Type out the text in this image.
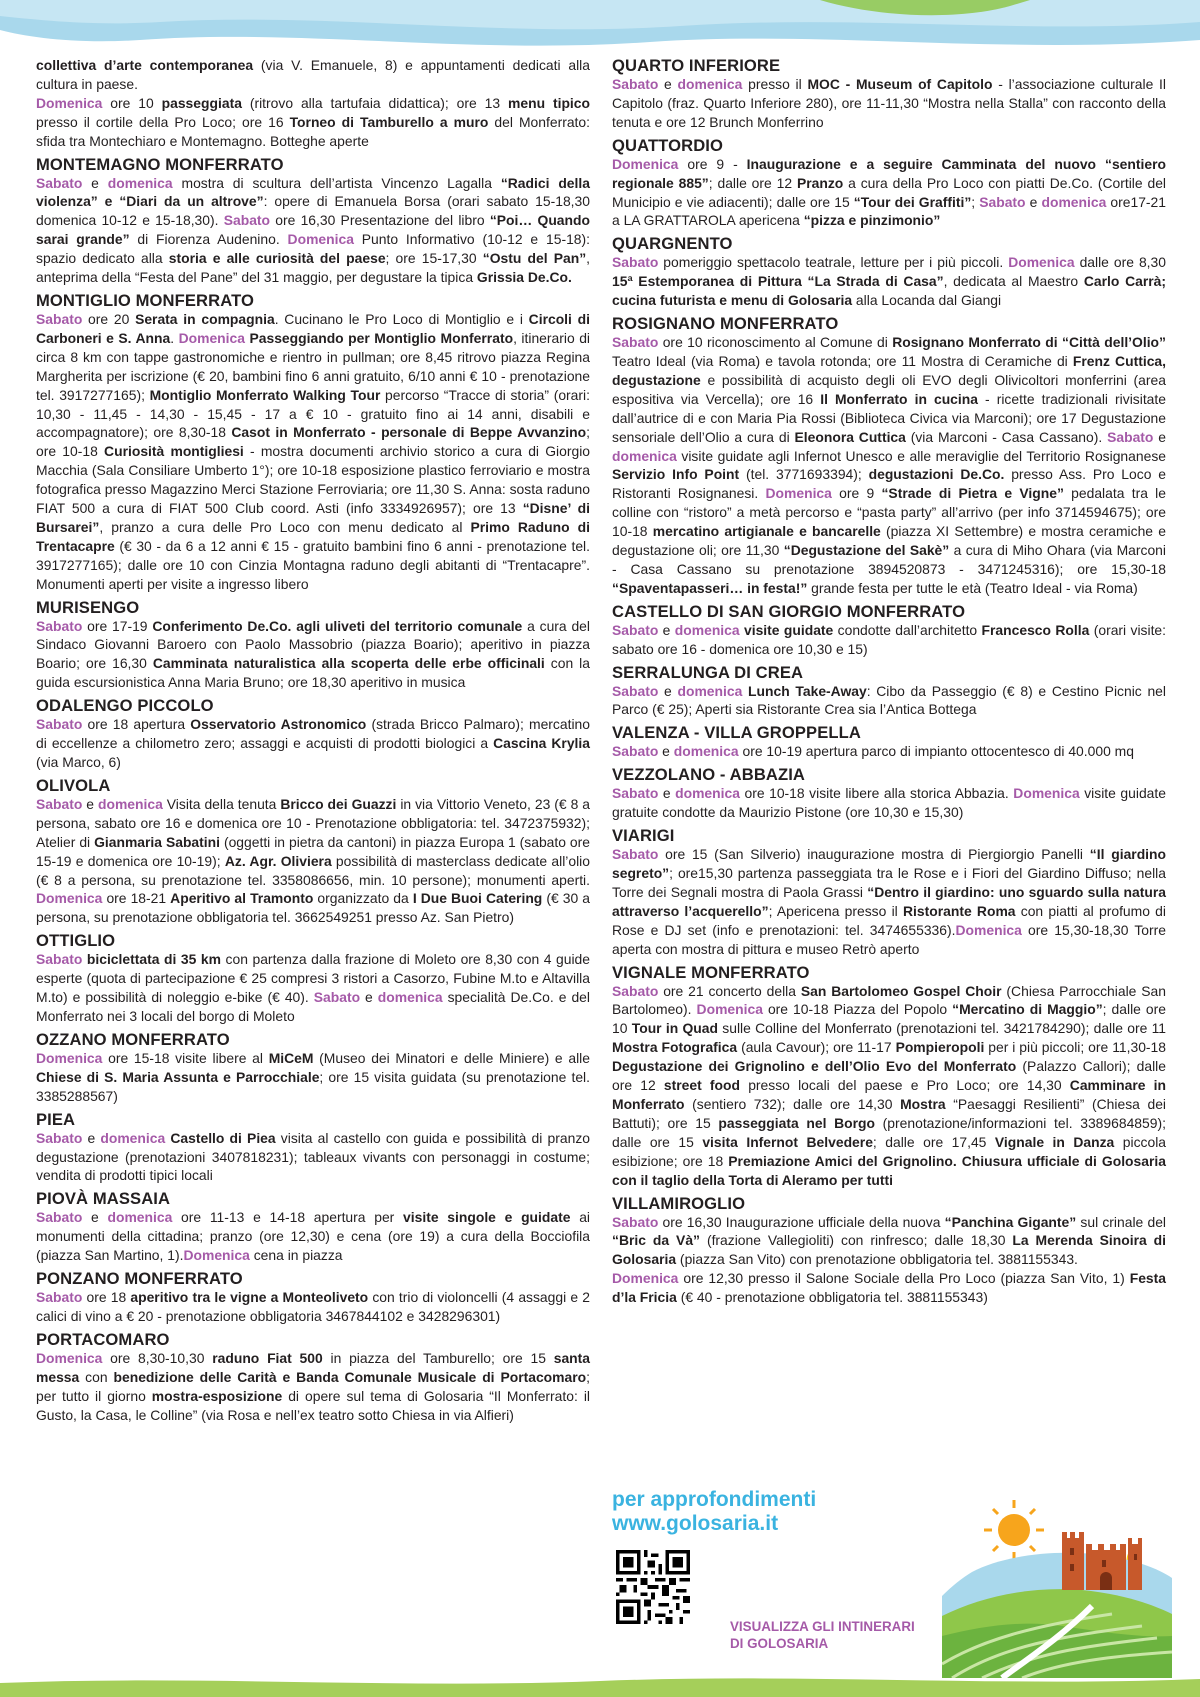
collettiva d’arte contemporanea (via V. Emanuele, 8) e appuntamenti dedicati alla cultura in paese.

Domenica ore 10 passeggiata (ritrovo alla tartufaia didattica); ore 13 menu tipico presso il cortile della Pro Loco; ore 16 Torneo di Tamburello a muro del Monferrato: sfida tra Montechiaro e Montemagno. Botteghe aperte

MONTEMAGNO MONFERRATO

Sabato e domenica mostra di scultura dell’artista Vincenzo Lagalla “Radici della violenza” e “Diari da un altrove”: opere di Emanuela Borsa (orari sabato 15-18,30 domenica 10-12 e 15-18,30). Sabato ore 16,30 Presentazione del libro “Poi… Quando sarai grande” di Fiorenza Audenino. Domenica Punto Informativo (10-12 e 15-18): spazio dedicato alla storia e alle curiosità del paese; ore 15-17,30 “Ostu del Pan”, anteprima della “Festa del Pane” del 31 maggio, per degustare la tipica Grissia De.Co.

MONTIGLIO MONFERRATO

Sabato ore 20 Serata in compagnia. Cucinano le Pro Loco di Montiglio e i Circoli di Carboneri e S. Anna. Domenica Passeggiando per Montiglio Monferrato, itinerario di circa 8 km con tappe gastronomiche e rientro in pullman; ore 8,45 ritrovo piazza Regina Margherita per iscrizione (€ 20, bambini fino 6 anni gratuito, 6/10 anni € 10 - prenotazione tel. 3917277165); Montiglio Monferrato Walking Tour percorso “Tracce di storia” (orari: 10,30 - 11,45 - 14,30 - 15,45 - 17 a € 10 - gratuito fino ai 14 anni, disabili e accompagnatore); ore 8,30-18 Casot in Monferrato - personale di Beppe Avvanzino; ore 10-18 Curiosità montigliesi - mostra documenti archivio storico a cura di Giorgio Macchia (Sala Consiliare Umberto 1°); ore 10-18 esposizione plastico ferroviario e mostra fotografica presso Magazzino Merci Stazione Ferroviaria; ore 11,30 S. Anna: sosta raduno FIAT 500 a cura di FIAT 500 Club coord. Asti (info 3334926957); ore 13 “Disne’ di Bursarei”, pranzo a cura delle Pro Loco con menu dedicato al Primo Raduno di Trentacapre (€ 30 - da 6 a 12 anni € 15 - gratuito bambini fino 6 anni - prenotazione tel. 3917277165); dalle ore 10 con Cinzia Montagna raduno degli abitanti di “Trentacapre”. Monumenti aperti per visite a ingresso libero

MURISENGO

Sabato ore 17-19 Conferimento De.Co. agli uliveti del territorio comunale a cura del Sindaco Giovanni Baroero con Paolo Massobrio (piazza Boario); aperitivo in piazza Boario; ore 16,30 Camminata naturalistica alla scoperta delle erbe officinali con la guida escursionistica Anna Maria Bruno; ore 18,30 aperitivo in musica

ODALENGO PICCOLO

Sabato ore 18 apertura Osservatorio Astronomico (strada Bricco Palmaro); mercatino di eccellenze a chilometro zero; assaggi e acquisti di prodotti biologici a Cascina Krylia (via Marco, 6)

OLIVOLA

Sabato e domenica Visita della tenuta Bricco dei Guazzi in via Vittorio Veneto, 23 (€ 8 a persona, sabato ore 16 e domenica ore 10 - Prenotazione obbligatoria: tel. 3472375932); Atelier di Gianmaria Sabatini (oggetti in pietra da cantoni) in piazza Europa 1 (sabato ore 15-19 e domenica ore 10-19); Az. Agr. Oliviera possibilità di masterclass dedicate all’olio (€ 8 a persona, su prenotazione tel. 3358086656, min. 10 persone); monumenti aperti. Domenica ore 18-21 Aperitivo al Tramonto organizzato da I Due Buoi Catering (€ 30 a persona, su prenotazione obbligatoria tel. 3662549251 presso Az. San Pietro)

OTTIGLIO

Sabato biciclettata di 35 km con partenza dalla frazione di Moleto ore 8,30 con 4 guide esperte (quota di partecipazione € 25 compresi 3 ristori a Casorzo, Fubine M.to e Altavilla M.to) e possibilità di noleggio e-bike (€ 40). Sabato e domenica specialità De.Co. e del Monferrato nei 3 locali del borgo di Moleto

OZZANO MONFERRATO

Domenica ore 15-18 visite libere al MiCeM (Museo dei Minatori e delle Miniere) e alle Chiese di S. Maria Assunta e Parrocchiale; ore 15 visita guidata (su prenotazione tel. 3385288567)

PIEA

Sabato e domenica Castello di Piea visita al castello con guida e possibilità di pranzo degustazione (prenotazioni 3407818231); tableaux vivants con personaggi in costume; vendita di prodotti tipici locali

PIOVÀ MASSAIA

Sabato e domenica ore 11-13 e 14-18 apertura per visite singole e guidate ai monumenti della cittadina; pranzo (ore 12,30) e cena (ore 19) a cura della Bocciofila (piazza San Martino, 1).Domenica cena in piazza

PONZANO MONFERRATO

Sabato ore 18 aperitivo tra le vigne a Monteoliveto con trio di violoncelli (4 assaggi e 2 calici di vino a € 20 - prenotazione obbligatoria 3467844102 e 3428296301)

PORTACOMARO

Domenica ore 8,30-10,30 raduno Fiat 500 in piazza del Tamburello; ore 15 santa messa con benedizione delle Carità e Banda Comunale Musicale di Portacomaro; per tutto il giorno mostra-esposizione di opere sul tema di Golosaria “Il Monferrato: il Gusto, la Casa, le Colline” (via Rosa e nell’ex teatro sotto Chiesa in via Alfieri)

QUARTO INFERIORE

Sabato e domenica presso il MOC - Museum of Capitolo - l’associazione culturale Il Capitolo (fraz. Quarto Inferiore 280), ore 11-11,30 “Mostra nella Stalla” con racconto della tenuta e ore 12 Brunch Monferrino

QUATTORDIO

Domenica ore 9 - Inaugurazione e a seguire Camminata del nuovo “sentiero regionale 885”; dalle ore 12 Pranzo a cura della Pro Loco con piatti De.Co. (Cortile del Municipio e vie adiacenti); dalle ore 15 “Tour dei Graffiti”; Sabato e domenica ore17-21 a LA GRATTAROLA apericena “pizza e pinzimonio”

QUARGNENTO

Sabato pomeriggio spettacolo teatrale, letture per i più piccoli. Domenica dalle ore 8,30 15ª Estemporanea di Pittura “La Strada di Casa”, dedicata al Maestro Carlo Carrà; cucina futurista e menu di Golosaria alla Locanda dal Giangi

ROSIGNANO MONFERRATO

Sabato ore 10 riconoscimento al Comune di Rosignano Monferrato di “Città dell’Olio” Teatro Ideal (via Roma) e tavola rotonda; ore 11 Mostra di Ceramiche di Frenz Cuttica, degustazione e possibilità di acquisto degli oli EVO degli Olivicoltori monferrini (area espositiva via Vercella); ore 16 Il Monferrato in cucina - ricette tradizionali rivisitate dall’autrice di e con Maria Pia Rossi (Biblioteca Civica via Marconi); ore 17 Degustazione sensoriale dell’Olio a cura di Eleonora Cuttica (via Marconi - Casa Cassano). Sabato e domenica visite guidate agli Infernot Unesco e alle meraviglie del Territorio Rosignanese Servizio Info Point (tel. 3771693394); degustazioni De.Co. presso Ass. Pro Loco e Ristoranti Rosignanesi. Domenica ore 9 “Strade di Pietra e Vigne” pedalata tra le colline con “ristoro” a metà percorso e “pasta party” all’arrivo (per info 3714594675); ore 10-18 mercatino artigianale e bancarelle (piazza XI Settembre) e mostra ceramiche e degustazione oli; ore 11,30 “Degustazione del Sakè” a cura di Miho Ohara (via Marconi - Casa Cassano su prenotazione 3894520873 - 3471245316); ore 15,30-18 “Spaventapasseri… in festa!” grande festa per tutte le età (Teatro Ideal - via Roma)

CASTELLO DI SAN GIORGIO MONFERRATO

Sabato e domenica visite guidate condotte dall’architetto Francesco Rolla (orari visite: sabato ore 16 - domenica ore 10,30 e 15)

SERRALUNGA DI CREA

Sabato e domenica Lunch Take-Away: Cibo da Passeggio (€ 8) e Cestino Picnic nel Parco (€ 25); Aperti sia Ristorante Crea sia l’Antica Bottega

VALENZA - VILLA GROPPELLA

Sabato e domenica ore 10-19 apertura parco di impianto ottocentesco di 40.000 mq

VEZZOLANO - ABBAZIA

Sabato e domenica ore 10-18 visite libere alla storica Abbazia. Domenica visite guidate gratuite condotte da Maurizio Pistone (ore 10,30 e 15,30)

VIARIGI

Sabato ore 15 (San Silverio) inaugurazione mostra di Piergiorgio Panelli “Il giardino segreto”; ore15,30 partenza passeggiata tra le Rose e i Fiori del Giardino Diffuso; nella Torre dei Segnali mostra di Paola Grassi “Dentro il giardino: uno sguardo sulla natura attraverso l’acquerello”; Apericena presso il Ristorante Roma con piatti al profumo di Rose e DJ set (info e prenotazioni: tel. 3474655336).Domenica ore 15,30-18,30 Torre aperta con mostra di pittura e museo Retrò aperto

VIGNALE MONFERRATO

Sabato ore 21 concerto della San Bartolomeo Gospel Choir (Chiesa Parrocchiale San Bartolomeo). Domenica ore 10-18 Piazza del Popolo “Mercatino di Maggio”; dalle ore 10 Tour in Quad sulle Colline del Monferrato (prenotazioni tel. 3421784290); dalle ore 11 Mostra Fotografica (aula Cavour); ore 11-17 Pompieropoli per i più piccoli; ore 11,30-18 Degustazione dei Grignolino e dell’Olio Evo del Monferrato (Palazzo Callori); dalle ore 12 street food presso locali del paese e Pro Loco; ore 14,30 Camminare in Monferrato (sentiero 732); dalle ore 14,30 Mostra “Paesaggi Resilienti” (Chiesa dei Battuti); ore 15 passeggiata nel Borgo (prenotazione/informazioni tel. 3389684859); dalle ore 15 visita Infernot Belvedere; dalle ore 17,45 Vignale in Danza piccola esibizione; ore 18 Premiazione Amici del Grignolino. Chiusura ufficiale di Golosaria con il taglio della Torta di Aleramo per tutti

VILLAMIROGLIO

Sabato ore 16,30 Inaugurazione ufficiale della nuova “Panchina Gigante” sul crinale del “Bric da Và” (frazione Vallegioliti) con rinfresco; dalle 18,30 La Merenda Sinoira di Golosaria (piazza San Vito) con prenotazione obbligatoria tel. 3881155343.

Domenica ore 12,30 presso il Salone Sociale della Pro Loco (piazza San Vito, 1) Festa d’la Fricia (€ 40 - prenotazione obbligatoria tel. 3881155343)

per approfondimenti

www.golosaria.it

VISUALIZZA GLI INTINERARI
DI GOLOSARIA
